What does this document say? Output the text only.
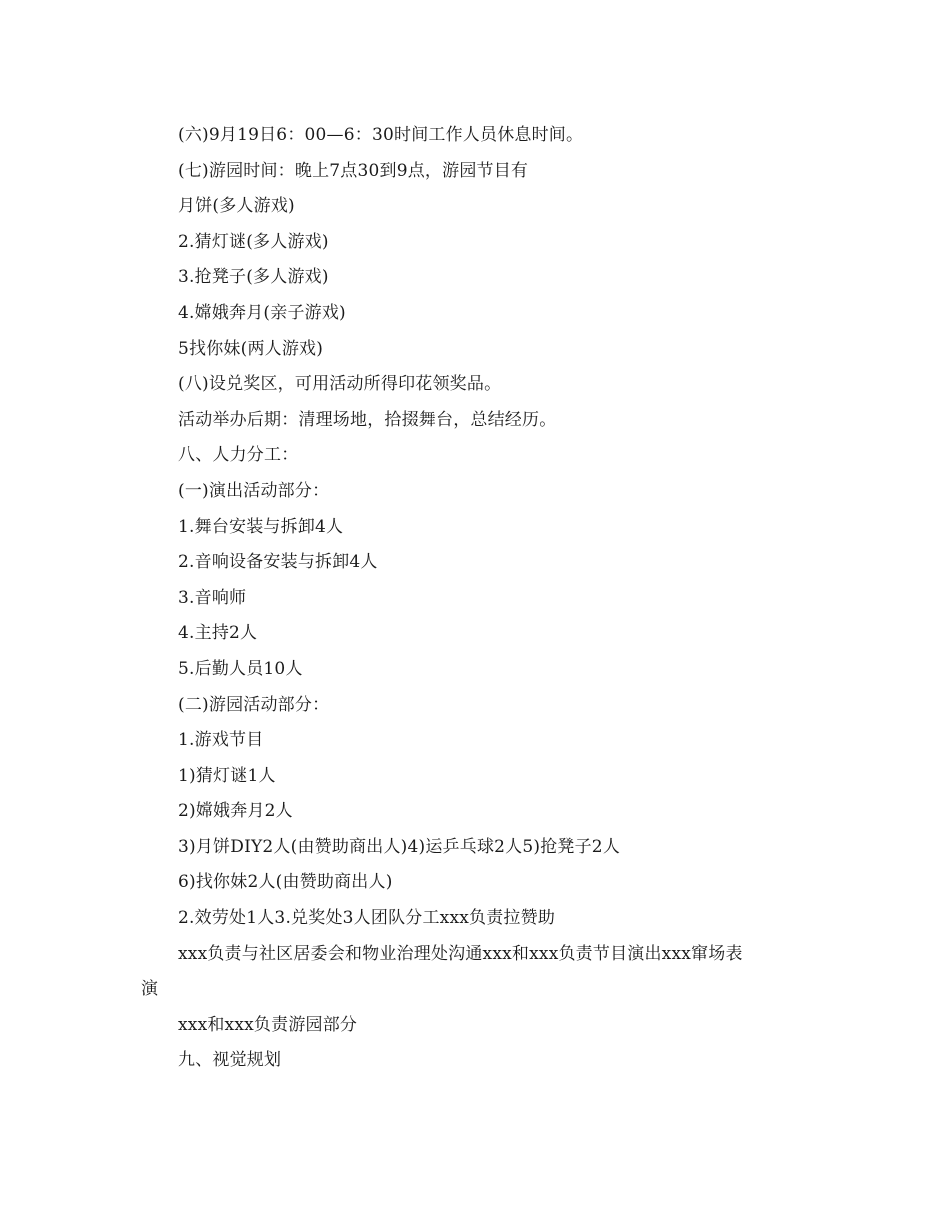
(六)9月19日6：00—6：30时间工作人员休息时间。
(七)游园时间：晚上7点30到9点，游园节目有
月饼(多人游戏)
2.猜灯谜(多人游戏)
3.抢凳子(多人游戏)
4.嫦娥奔月(亲子游戏)
5找你妹(两人游戏)
(八)设兑奖区，可用活动所得印花领奖品。
活动举办后期：清理场地，拾掇舞台，总结经历。
八、人力分工：
(一)演出活动部分：
1.舞台安装与拆卸4人
2.音响设备安装与拆卸4人
3.音响师
4.主持2人
5.后勤人员10人
(二)游园活动部分：
1.游戏节目
1)猜灯谜1人
2)嫦娥奔月2人
3)月饼DIY2人(由赞助商出人)4)运乒乓球2人5)抢凳子2人
6)找你妹2人(由赞助商出人)
2.效劳处1人3.兑奖处3人团队分工xxx负责拉赞助
xxx负责与社区居委会和物业治理处沟通xxx和xxx负责节目演出xxx窜场表
演
xxx和xxx负责游园部分
九、视觉规划
